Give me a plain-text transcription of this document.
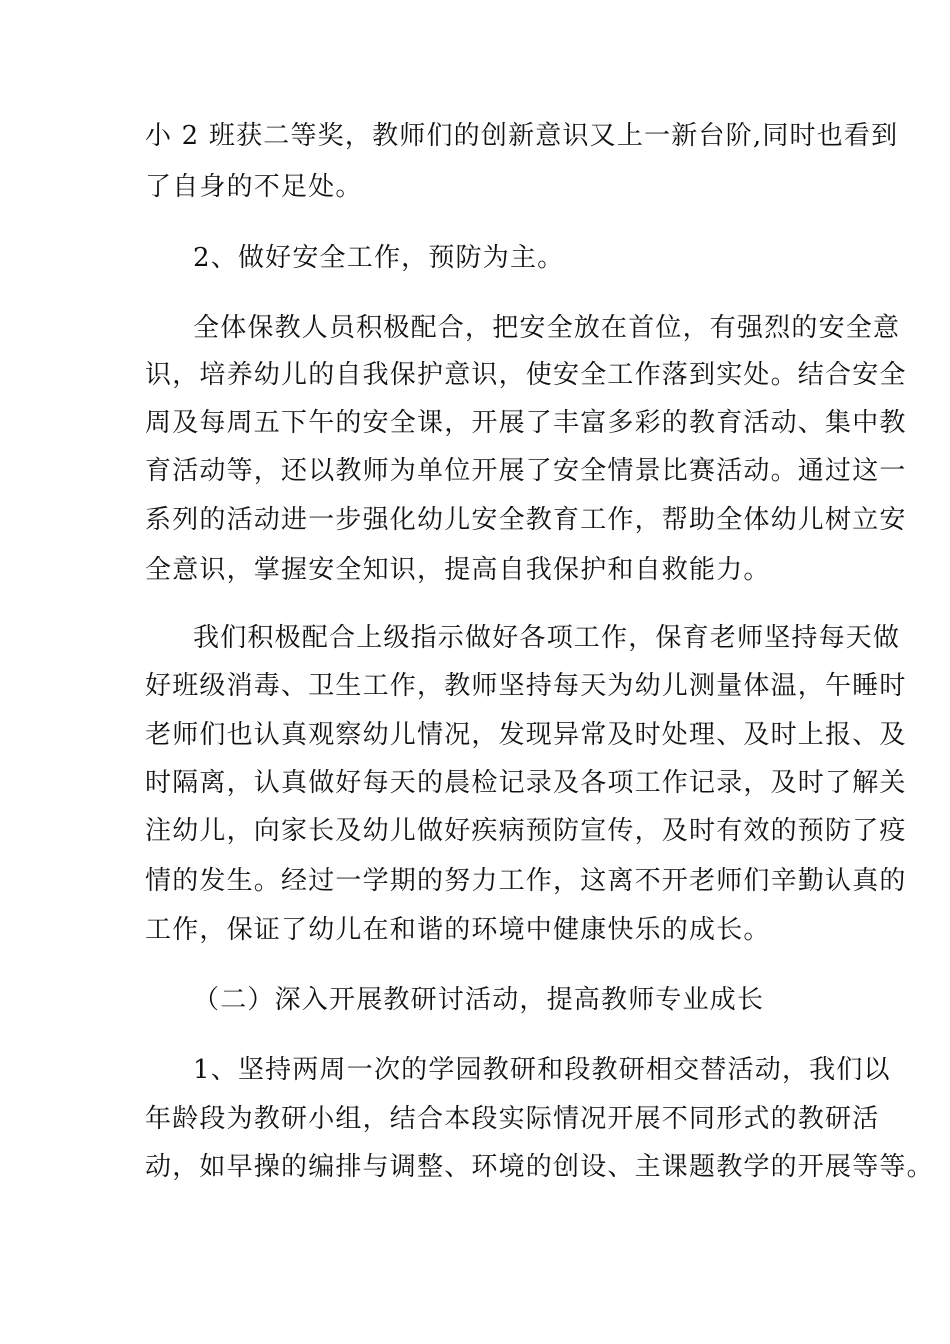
小 2 班获二等奖，教师们的创新意识又上一新台阶,同时也看到
了自身的不足处。
2、做好安全工作，预防为主。
全体保教人员积极配合，把安全放在首位，有强烈的安全意
识，培养幼儿的自我保护意识，使安全工作落到实处。结合安全
周及每周五下午的安全课，开展了丰富多彩的教育活动、集中教
育活动等，还以教师为单位开展了安全情景比赛活动。通过这一
系列的活动进一步强化幼儿安全教育工作，帮助全体幼儿树立安
全意识，掌握安全知识，提高自我保护和自救能力。
我们积极配合上级指示做好各项工作，保育老师坚持每天做
好班级消毒、卫生工作，教师坚持每天为幼儿测量体温，午睡时
老师们也认真观察幼儿情况，发现异常及时处理、及时上报、及
时隔离，认真做好每天的晨检记录及各项工作记录，及时了解关
注幼儿，向家长及幼儿做好疾病预防宣传，及时有效的预防了疫
情的发生。经过一学期的努力工作，这离不开老师们辛勤认真的
工作，保证了幼儿在和谐的环境中健康快乐的成长。
（二）深入开展教研讨活动，提高教师专业成长
1、坚持两周一次的学园教研和段教研相交替活动，我们以
年龄段为教研小组，结合本段实际情况开展不同形式的教研活
动，如早操的编排与调整、环境的创设、主课题教学的开展等等。
